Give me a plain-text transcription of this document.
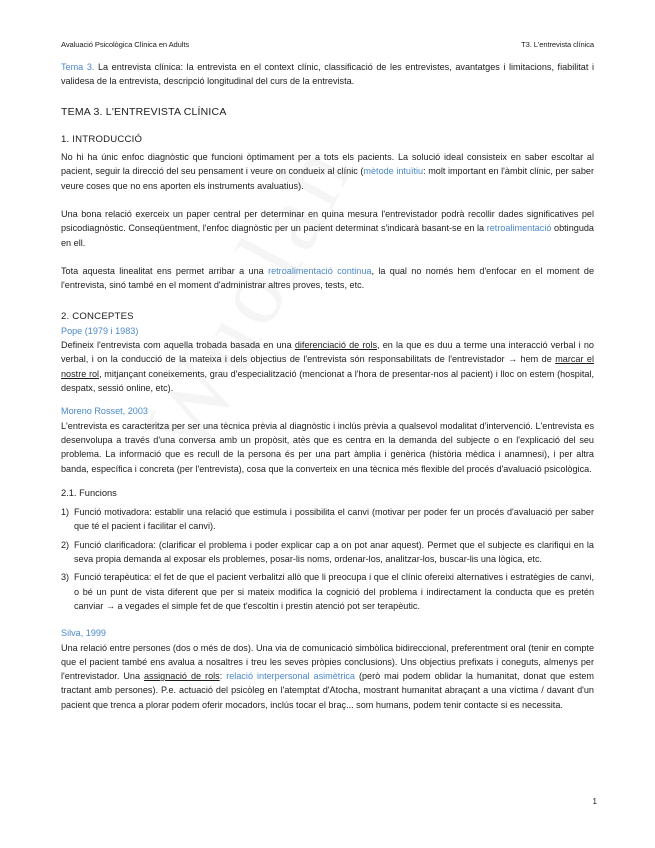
Avaluació Psicològica Clínica en Adults	T3. L'entrevista clínica

Tema 3. La entrevista clínica: la entrevista en el context clínic, classificació de les entrevistes, avantatges i limitacions, fiabilitat i validesa de la entrevista, descripció longitudinal del curs de la entrevista.

TEMA 3. L'ENTREVISTA CLÍNICA
1. INTRODUCCIÓ

No hi ha únic enfoc diagnòstic que funcioni òptimament per a tots els pacients. La solució ideal consisteix en saber escoltar al pacient, seguir la direcció del seu pensament i veure on condueix al clínic (mètode intuïtiu: molt important en l'àmbit clínic, per saber veure coses que no ens aporten els instruments avaluatius).

Una bona relació exerceix un paper central per determinar en quina mesura l'entrevistador podrà recollir dades significatives pel psicodiagnòstic. Conseqüentment, l'enfoc diagnòstic per un pacient determinat s'indicarà basant-se en la retroalimentació obtinguda en ell.

Tota aquesta linealitat ens permet arribar a una retroalimentació continua, la qual no només hem d'enfocar en el moment de l'entrevista, sinó també en el moment d'administrar altres proves, tests, etc.

2. CONCEPTES

Pope (1979 i 1983)

Defineix l'entrevista com aquella trobada basada en una diferenciació de rols, en la que es duu a terme una interacció verbal i no verbal, i on la conducció de la mateixa i dels objectius de l'entrevista són responsabilitats de l'entrevistador → hem de marcar el nostre rol, mitjançant coneixements, grau d'especialització (mencionat a l'hora de presentar-nos al pacient) i lloc on estem (hospital, despatx, sessió online, etc).

Moreno Rosset, 2003

L'entrevista es caracteritza per ser una tècnica prèvia al diagnòstic i inclús prèvia a qualsevol modalitat d'intervenció. L'entrevista es desenvolupa a través d'una conversa amb un propòsit, atès que es centra en la demanda del subjecte o en l'explicació del seu problema. La informació que es recull de la persona és per una part àmplia i genèrica (història mèdica i anamnesi), i per altra banda, específica i concreta (per l'entrevista), cosa que la converteix en una tècnica més flexible del procés d'avaluació psicològica.

2.1. Funcions
1) Funció motivadora: establir una relació que estimula i possibilita el canvi (motivar per poder fer un procés d'avaluació per saber que té el pacient i facilitar el canvi).
2) Funció clarificadora: (clarificar el problema i poder explicar cap a on pot anar aquest). Permet que el subjecte es clarifiqui en la seva propia demanda al exposar els problemes, posar-lis noms, ordenar-los, analitzar-los, buscar-lis una lògica, etc.
3) Funció terapèutica: el fet de que el pacient verbalitzi allò que li preocupa i que el clínic ofereixi alternatives i estratègies de canvi, o bé un punt de vista diferent que per si mateix modifica la cognició del problema i indirectament la conducta que es pretén canviar → a vegades el simple fet de que t'escoltin i prestin atenció pot ser terapèutic.

Silva, 1999

Una relació entre persones (dos o més de dos). Una via de comunicació simbòlica bidireccional, preferentment oral (tenir en compte que el pacient també ens avalua a nosaltres i treu les seves pròpies conclusions). Uns objectius prefixats i coneguts, almenys per l'entrevistador. Una assignació de rols: relació interpersonal asimètrica (però mai podem oblidar la humanitat, donat que estem tractant amb persones). P.e. actuació del psicòleg en l'atemptat d'Atocha, mostrant humanitat abraçant a una víctima / davant d'un pacient que trenca a plorar podem oferir mocadors, inclús tocar el braç... som humans, podem tenir contacte si es necessita.

1
